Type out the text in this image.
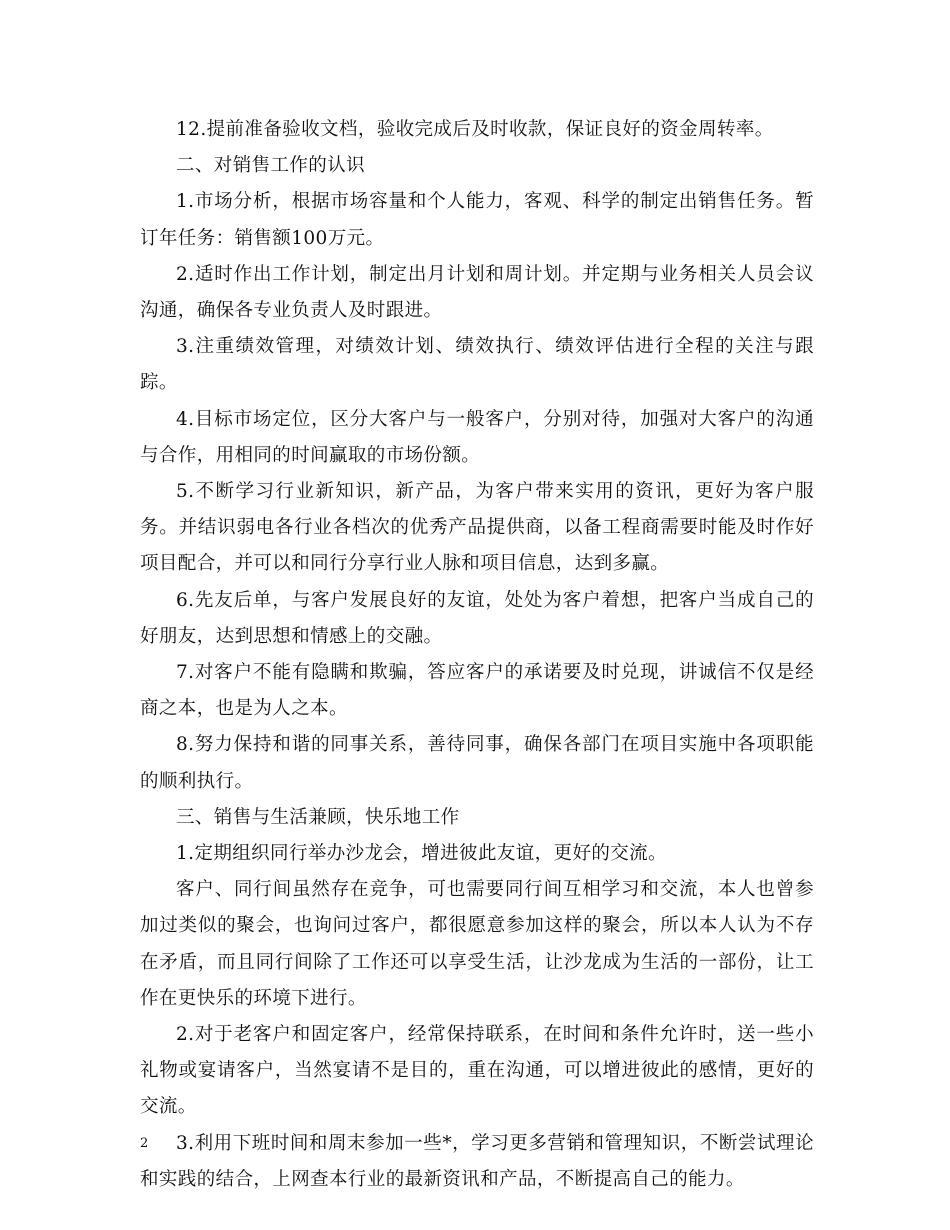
12.提前准备验收文档，验收完成后及时收款，保证良好的资金周转率。

二、对销售工作的认识

1.市场分析，根据市场容量和个人能力，客观、科学的制定出销售任务。暂订年任务：销售额100万元。

2.适时作出工作计划，制定出月计划和周计划。并定期与业务相关人员会议沟通，确保各专业负责人及时跟进。

3.注重绩效管理，对绩效计划、绩效执行、绩效评估进行全程的关注与跟踪。

4.目标市场定位，区分大客户与一般客户，分别对待，加强对大客户的沟通与合作，用相同的时间赢取的市场份额。

5.不断学习行业新知识，新产品，为客户带来实用的资讯，更好为客户服务。并结识弱电各行业各档次的优秀产品提供商，以备工程商需要时能及时作好项目配合，并可以和同行分享行业人脉和项目信息，达到多赢。

6.先友后单，与客户发展良好的友谊，处处为客户着想，把客户当成自己的好朋友，达到思想和情感上的交融。

7.对客户不能有隐瞒和欺骗，答应客户的承诺要及时兑现，讲诚信不仅是经商之本，也是为人之本。

8.努力保持和谐的同事关系，善待同事，确保各部门在项目实施中各项职能的顺利执行。

三、销售与生活兼顾，快乐地工作

1.定期组织同行举办沙龙会，增进彼此友谊，更好的交流。

客户、同行间虽然存在竞争，可也需要同行间互相学习和交流，本人也曾参加过类似的聚会，也询问过客户，都很愿意参加这样的聚会，所以本人认为不存在矛盾，而且同行间除了工作还可以享受生活，让沙龙成为生活的一部份，让工作在更快乐的环境下进行。

2.对于老客户和固定客户，经常保持联系，在时间和条件允许时，送一些小礼物或宴请客户，当然宴请不是目的，重在沟通，可以增进彼此的感情，更好的交流。

3.利用下班时间和周末参加一些*，学习更多营销和管理知识，不断尝试理论和实践的结合，上网查本行业的最新资讯和产品，不断提高自己的能力。

2
